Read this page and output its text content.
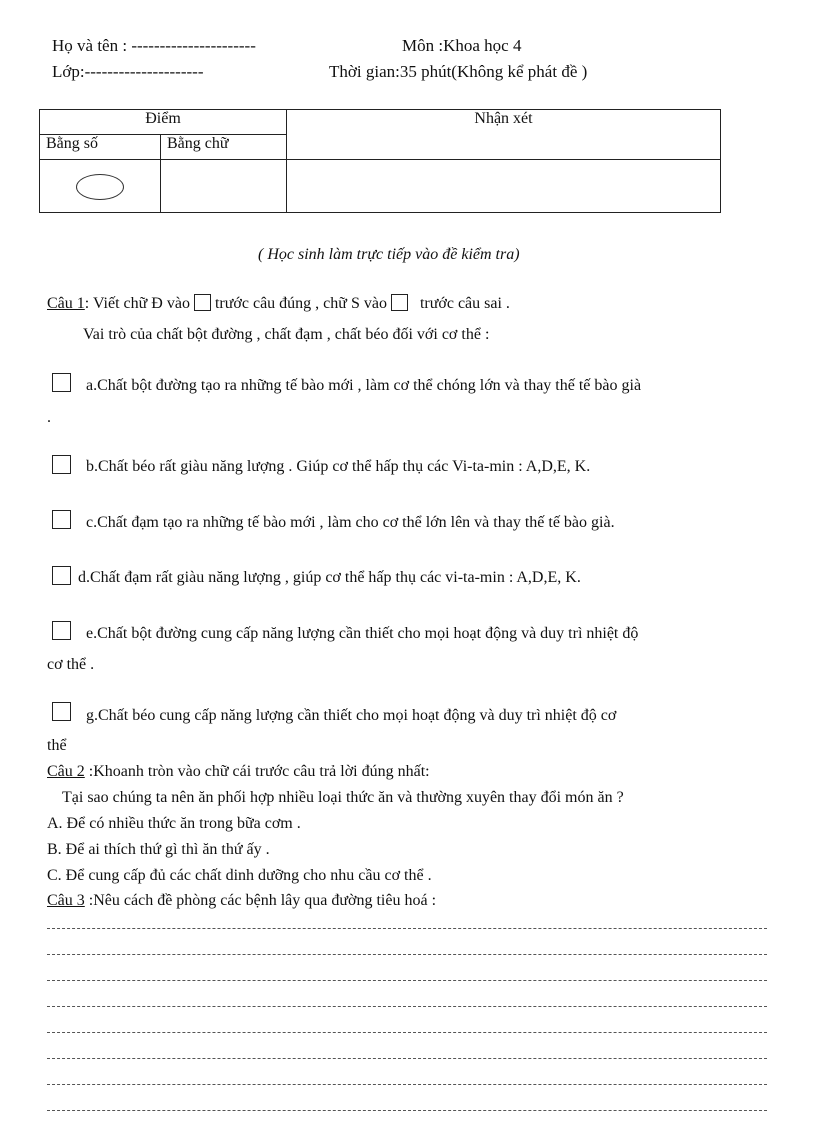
Họ và tên : ----------------------	Môn :Khoa học 4
Lớp:---------------------	Thời gian:35 phút(Không kể phát đề )
Điểm		Nhận xét
Bằng số	Bằng chữ	

( Học sinh làm trực tiếp vào đề kiểm tra)
Câu 1: Viết chữ Đ vào trước câu đúng , chữ S vào trước câu sai .
Vai trò của chất bột đường , chất đạm , chất béo đối với cơ thể :
a.Chất bột đường tạo ra những tế bào mới , làm cơ thể chóng lớn và thay thế tế bào già
.
b.Chất béo rất giàu năng lượng . Giúp cơ thể hấp thụ các Vi-ta-min : A,D,E, K.
c.Chất đạm tạo ra những tế bào mới , làm cho cơ thể lớn lên và thay thế tế bào già.
d.Chất đạm rất giàu năng lượng , giúp cơ thể hấp thụ các vi-ta-min : A,D,E, K.
e.Chất bột đường cung cấp năng lượng cần thiết cho mọi hoạt động và duy trì nhiệt độ
cơ thể .
g.Chất béo cung cấp năng lượng cần thiết cho mọi hoạt động và duy trì nhiệt độ cơ
thể
Câu 2 :Khoanh tròn vào chữ cái trước câu trả lời đúng nhất:
Tại sao chúng ta nên ăn phối hợp nhiều loại thức ăn và thường xuyên thay đổi món ăn ?
A. Để có nhiều thức ăn trong bữa cơm .
B. Để ai thích thứ gì thì ăn thứ ấy .
C. Để cung cấp đủ các chất dinh dưỡng cho nhu cầu cơ thể .
Câu 3 :Nêu cách đề phòng các bệnh lây qua đường tiêu hoá :
